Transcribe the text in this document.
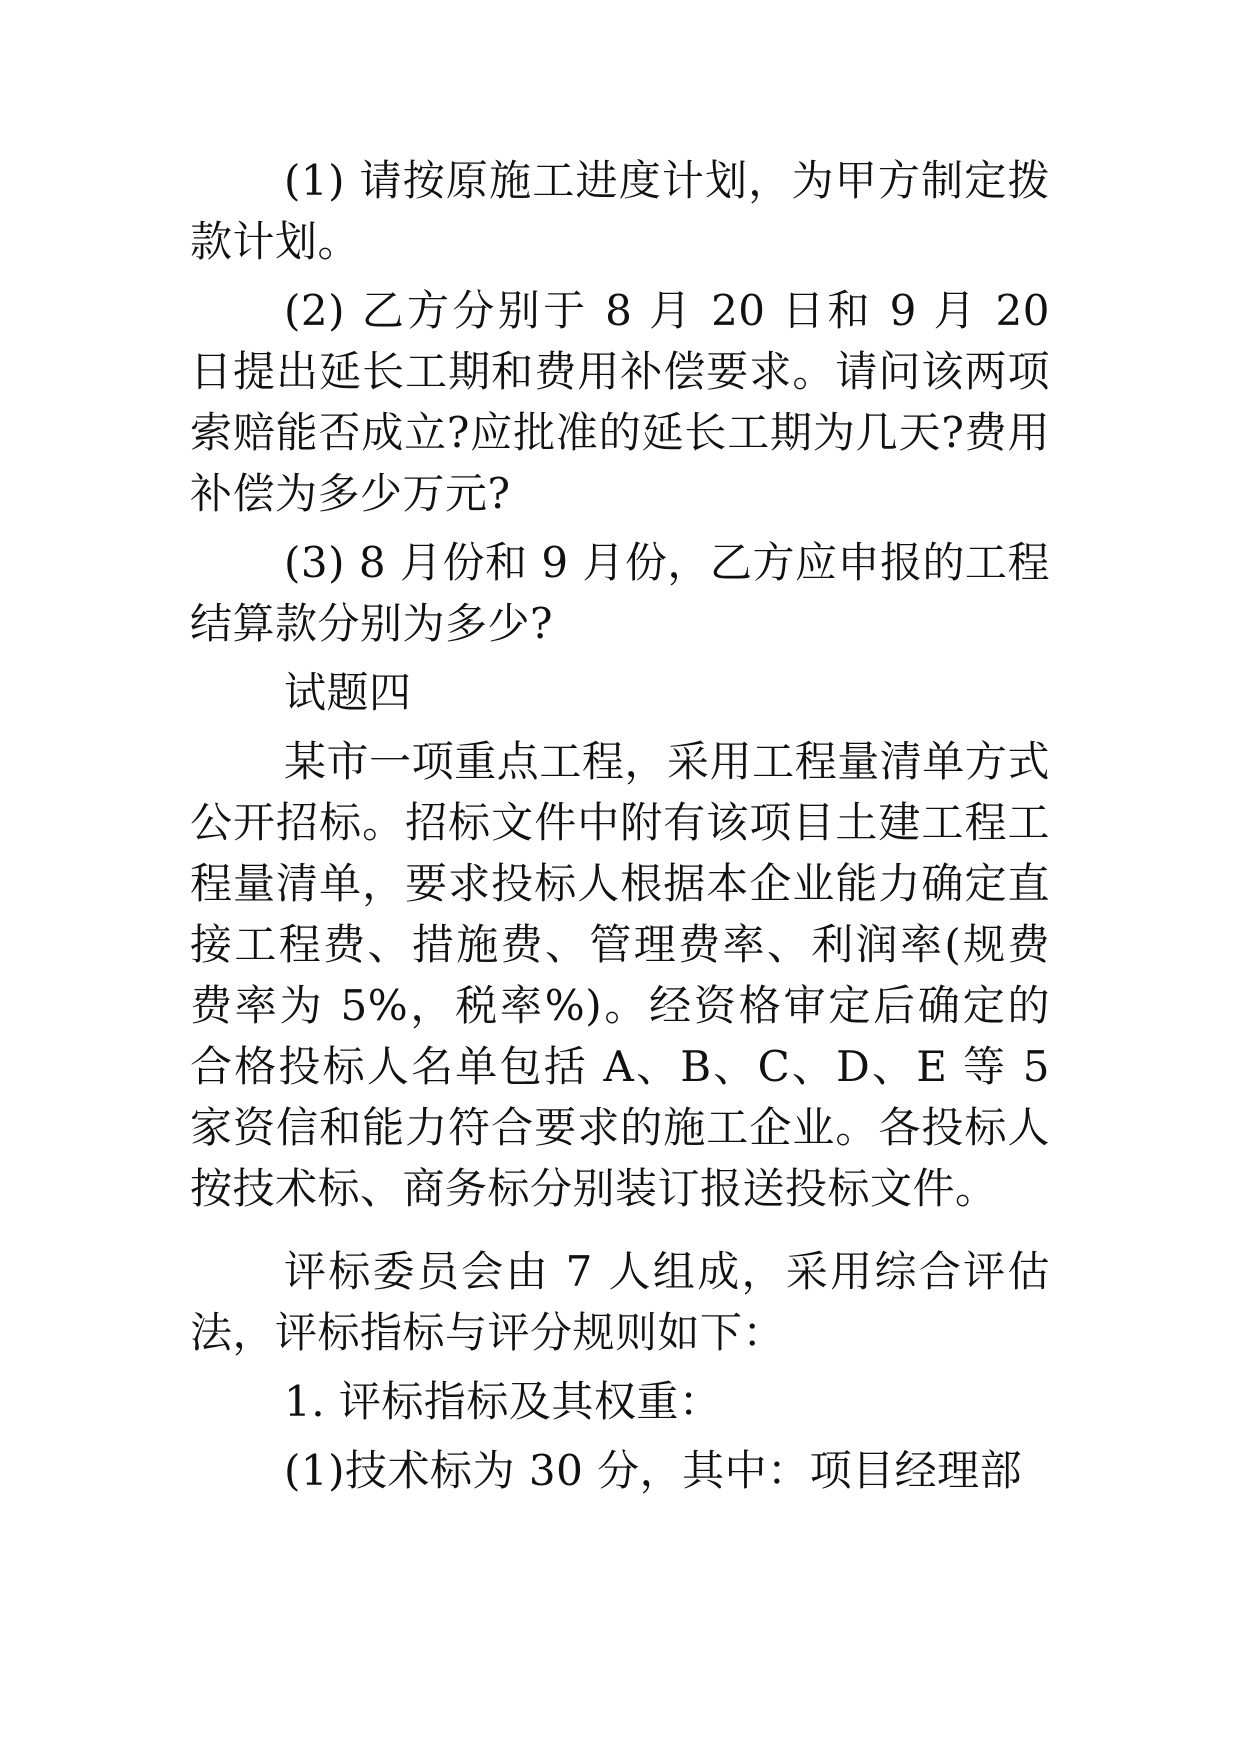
(1) 请按原施工进度计划，为甲方制定拨款计划。

(2) 乙方分别于 8 月 20 日和 9 月 20 日提出延长工期和费用补偿要求。请问该两项索赔能否成立?应批准的延长工期为几天?费用补偿为多少万元?

(3) 8 月份和 9 月份，乙方应申报的工程结算款分别为多少?

试题四

某市一项重点工程，采用工程量清单方式公开招标。招标文件中附有该项目土建工程工程量清单，要求投标人根据本企业能力确定直接工程费、措施费、管理费率、利润率(规费费率为 5%，税率%)。经资格审定后确定的合格投标人名单包括 A、B、C、D、E 等 5 家资信和能力符合要求的施工企业。各投标人按技术标、商务标分别装订报送投标文件。

评标委员会由 7 人组成，采用综合评估法，评标指标与评分规则如下：

1. 评标指标及其权重：

(1)技术标为 30 分，其中：项目经理部
